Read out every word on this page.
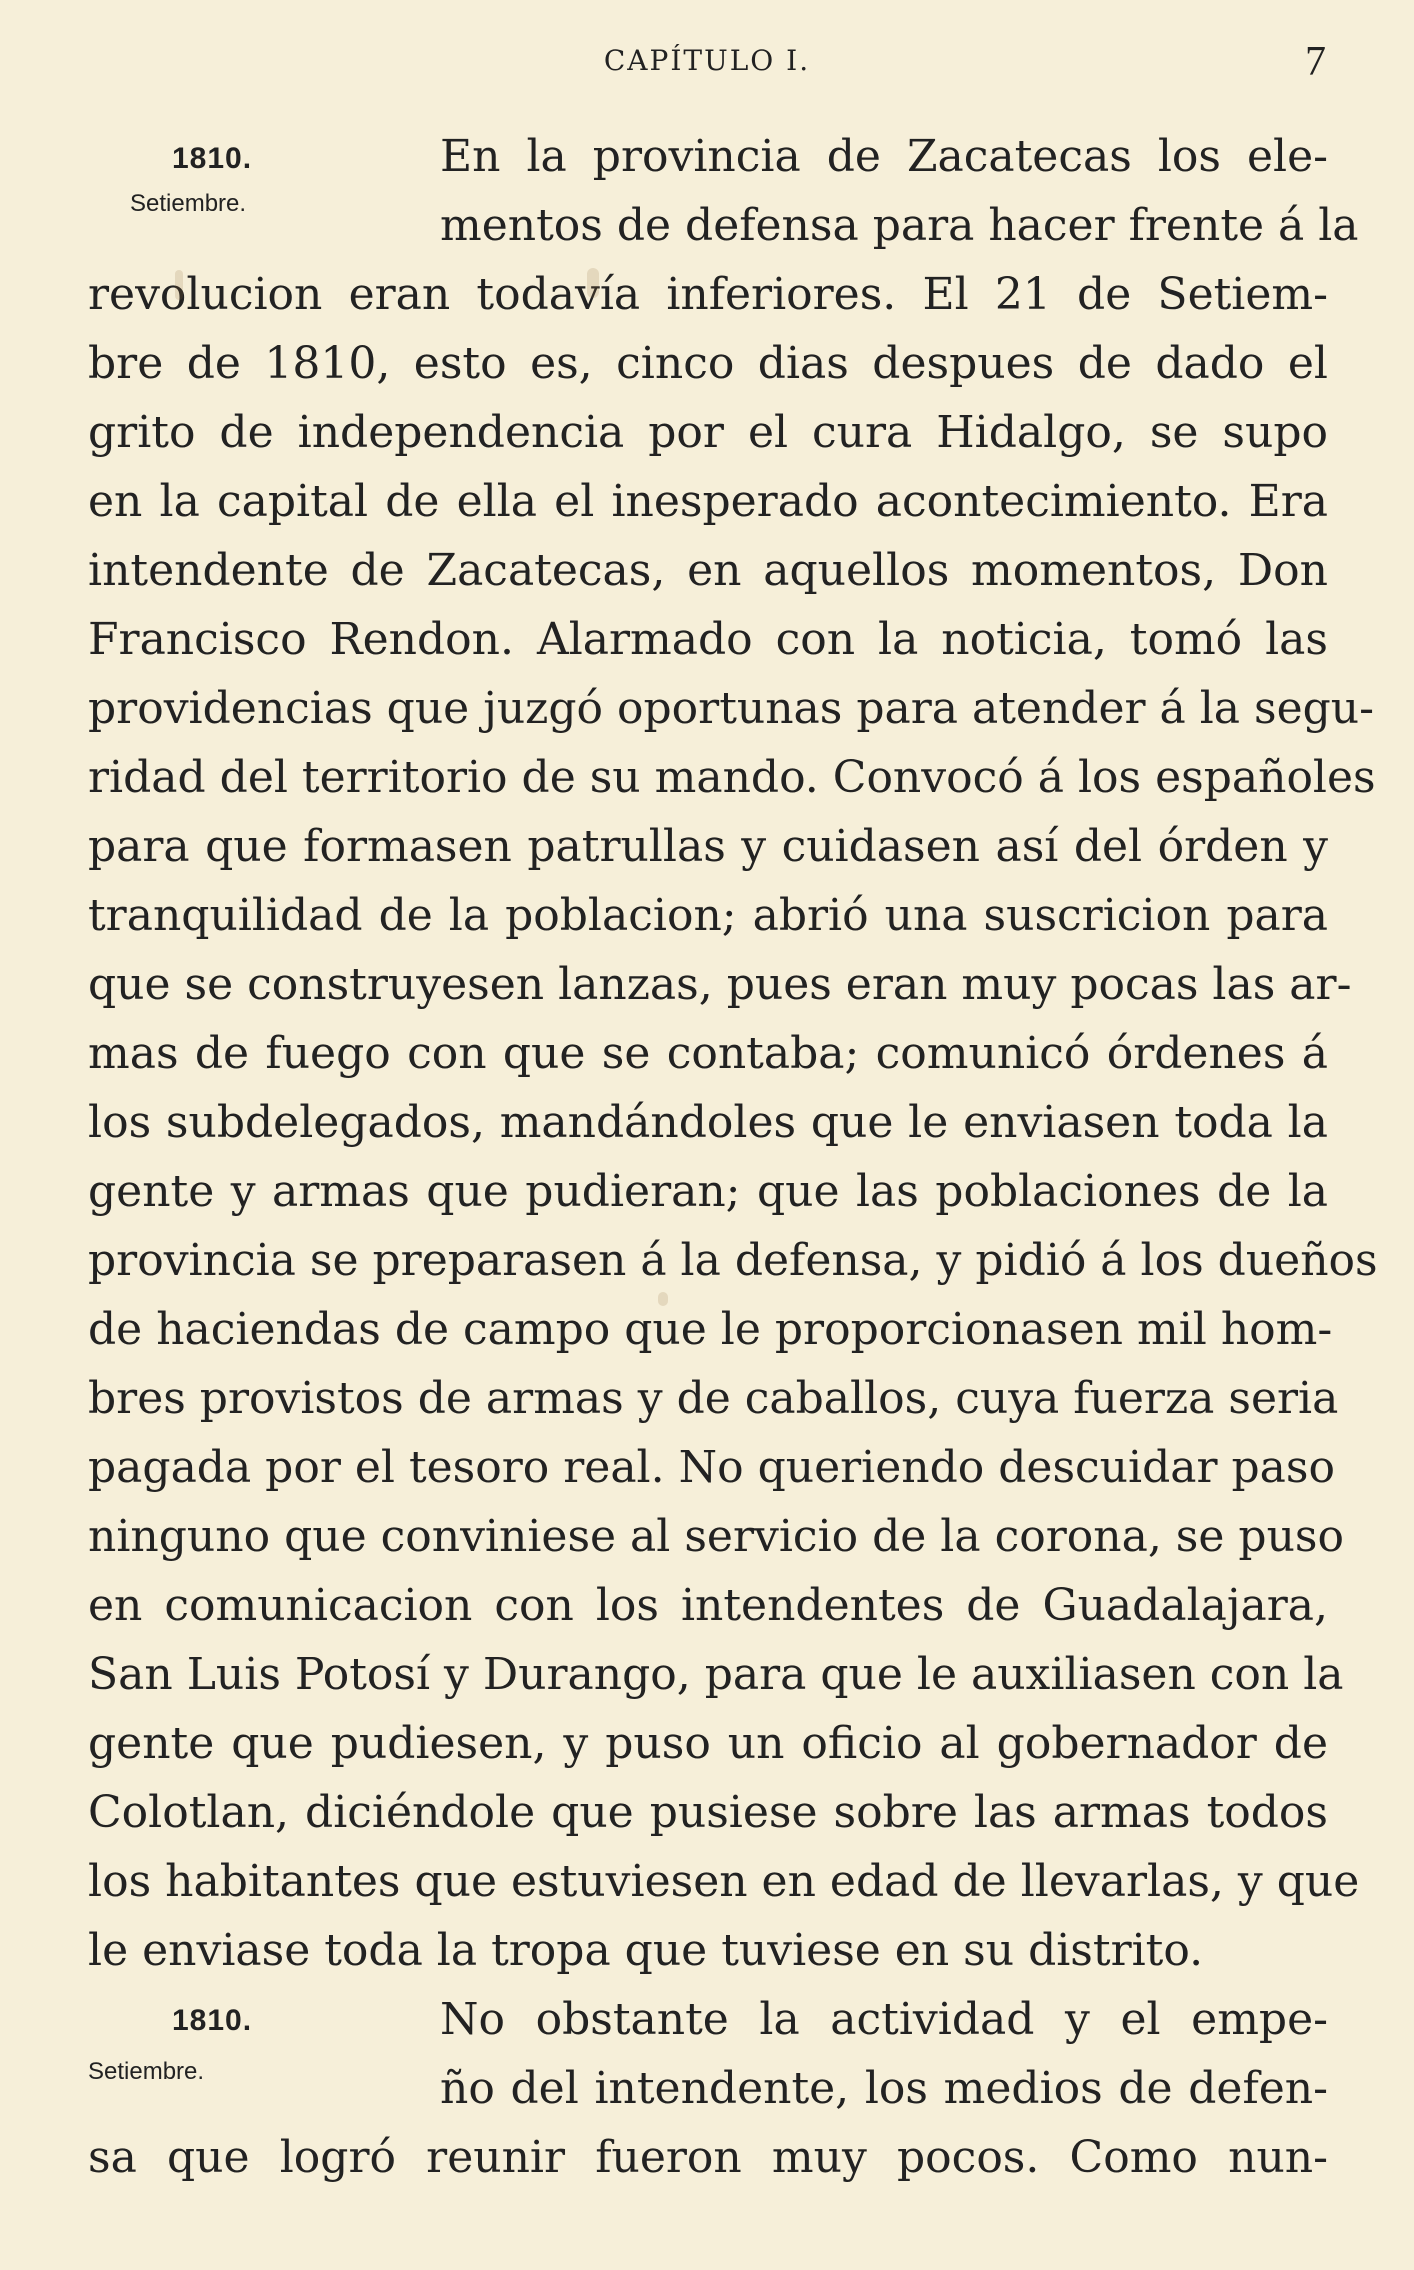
CAPÍTULO I.	7
1810.
Setiembre.
1810.
Setiembre.
En la provincia de Zacatecas los ele-
mentos de defensa para hacer frente á la
revolucion eran todavía inferiores. El 21 de Setiem-
bre de 1810, esto es, cinco dias despues de dado el
grito de independencia por el cura Hidalgo, se supo
en la capital de ella el inesperado acontecimiento. Era
intendente de Zacatecas, en aquellos momentos, Don
Francisco Rendon. Alarmado con la noticia, tomó las
providencias que juzgó oportunas para atender á la segu-
ridad del territorio de su mando. Convocó á los españoles
para que formasen patrullas y cuidasen así del órden y
tranquilidad de la poblacion; abrió una suscricion para
que se construyesen lanzas, pues eran muy pocas las ar-
mas de fuego con que se contaba; comunicó órdenes á
los subdelegados, mandándoles que le enviasen toda la
gente y armas que pudieran; que las poblaciones de la
provincia se preparasen á la defensa, y pidió á los dueños
de haciendas de campo que le proporcionasen mil hom-
bres provistos de armas y de caballos, cuya fuerza seria
pagada por el tesoro real. No queriendo descuidar paso
ninguno que conviniese al servicio de la corona, se puso
en comunicacion con los intendentes de Guadalajara,
San Luis Potosí y Durango, para que le auxiliasen con la
gente que pudiesen, y puso un oficio al gobernador de
Colotlan, diciéndole que pusiese sobre las armas todos
los habitantes que estuviesen en edad de llevarlas, y que
le enviase toda la tropa que tuviese en su distrito.
No obstante la actividad y el empe-
ño del intendente, los medios de defen-
sa que logró reunir fueron muy pocos. Como nun-
